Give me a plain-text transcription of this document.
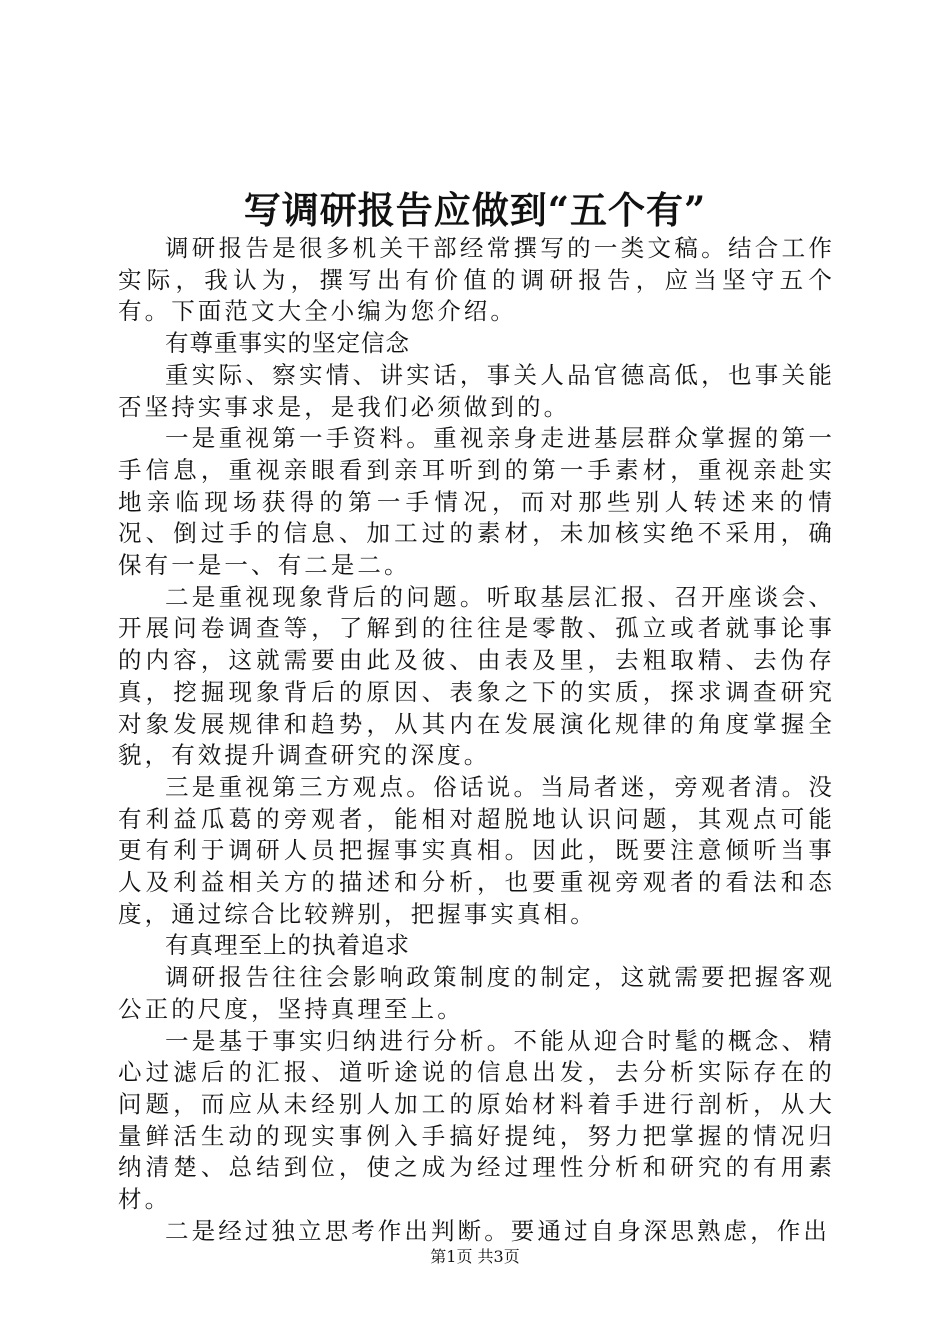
写调研报告应做到“五个有”

调研报告是很多机关干部经常撰写的一类文稿。结合工作实际，我认为，撰写出有价值的调研报告，应当坚守五个有。下面范文大全小编为您介绍。

有尊重事实的坚定信念

重实际、察实情、讲实话，事关人品官德高低，也事关能否坚持实事求是，是我们必须做到的。

一是重视第一手资料。重视亲身走进基层群众掌握的第一手信息，重视亲眼看到亲耳听到的第一手素材，重视亲赴实地亲临现场获得的第一手情况，而对那些别人转述来的情况、倒过手的信息、加工过的素材，未加核实绝不采用，确保有一是一、有二是二。

二是重视现象背后的问题。听取基层汇报、召开座谈会、开展问卷调查等，了解到的往往是零散、孤立或者就事论事的内容，这就需要由此及彼、由表及里，去粗取精、去伪存真，挖掘现象背后的原因、表象之下的实质，探求调查研究对象发展规律和趋势，从其内在发展演化规律的角度掌握全貌，有效提升调查研究的深度。

三是重视第三方观点。俗话说。当局者迷，旁观者清。没有利益瓜葛的旁观者，能相对超脱地认识问题，其观点可能更有利于调研人员把握事实真相。因此，既要注意倾听当事人及利益相关方的描述和分析，也要重视旁观者的看法和态度，通过综合比较辨别，把握事实真相。

有真理至上的执着追求

调研报告往往会影响政策制度的制定，这就需要把握客观公正的尺度，坚持真理至上。

一是基于事实归纳进行分析。不能从迎合时髦的概念、精心过滤后的汇报、道听途说的信息出发，去分析实际存在的问题，而应从未经别人加工的原始材料着手进行剖析，从大量鲜活生动的现实事例入手搞好提纯，努力把掌握的情况归纳清楚、总结到位，使之成为经过理性分析和研究的有用素材。

二是经过独立思考作出判断。要通过自身深思熟虑，作出

第1页 共3页
